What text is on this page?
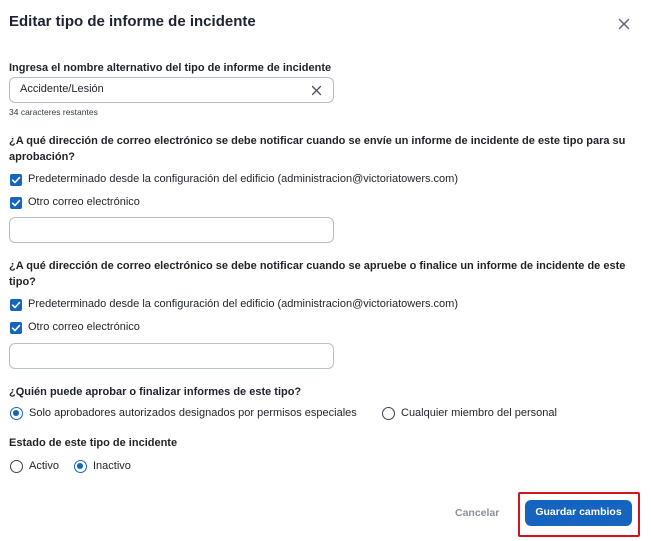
Editar tipo de informe de incidente
Ingresa el nombre alternativo del tipo de informe de incidente
Accidente/Lesión
34 caracteres restantes
¿A qué dirección de correo electrónico se debe notificar cuando se envíe un informe de incidente de este tipo para su
aprobación?
Predeterminado desde la configuración del edificio (administracion@victoriatowers.com)
Otro correo electrónico
¿A qué dirección de correo electrónico se debe notificar cuando se apruebe o finalice un informe de incidente de este
tipo?
Predeterminado desde la configuración del edificio (administracion@victoriatowers.com)
Otro correo electrónico
¿Quién puede aprobar o finalizar informes de este tipo?
Solo aprobadores autorizados designados por permisos especiales	Cualquier miembro del personal
Estado de este tipo de incidente
Activo	Inactivo
Cancelar	Guardar cambios
